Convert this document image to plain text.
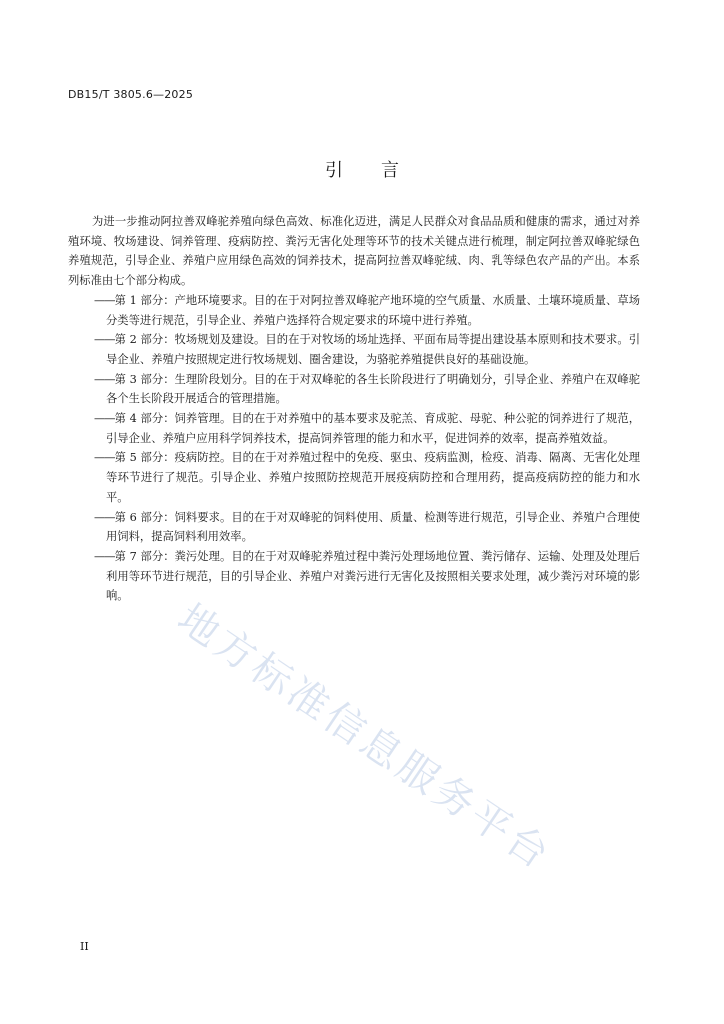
DB15/T 3805.6—2025
引言

为进一步推动阿拉善双峰驼养殖向绿色高效、标准化迈进，满足人民群众对食品品质和健康的需求，通过对养殖环境、牧场建设、饲养管理、疫病防控、粪污无害化处理等环节的技术关键点进行梳理，制定阿拉善双峰驼绿色养殖规范，引导企业、养殖户应用绿色高效的饲养技术，提高阿拉善双峰驼绒、肉、乳等绿色农产品的产出。本系列标准由七个部分构成。

——第 1 部分：产地环境要求。目的在于对阿拉善双峰驼产地环境的空气质量、水质量、土壤环境质量、草场分类等进行规范，引导企业、养殖户选择符合规定要求的环境中进行养殖。

——第 2 部分：牧场规划及建设。目的在于对牧场的场址选择、平面布局等提出建设基本原则和技术要求。引导企业、养殖户按照规定进行牧场规划、圈舍建设，为骆驼养殖提供良好的基础设施。

——第 3 部分：生理阶段划分。目的在于对双峰驼的各生长阶段进行了明确划分，引导企业、养殖户在双峰驼各个生长阶段开展适合的管理措施。

——第 4 部分：饲养管理。目的在于对养殖中的基本要求及驼羔、育成驼、母驼、种公驼的饲养进行了规范，引导企业、养殖户应用科学饲养技术，提高饲养管理的能力和水平，促进饲养的效率，提高养殖效益。

——第 5 部分：疫病防控。目的在于对养殖过程中的免疫、驱虫、疫病监测，检疫、消毒、隔离、无害化处理等环节进行了规范。引导企业、养殖户按照防控规范开展疫病防控和合理用药，提高疫病防控的能力和水平。

——第 6 部分：饲料要求。目的在于对双峰驼的饲料使用、质量、检测等进行规范，引导企业、养殖户合理使用饲料，提高饲料利用效率。

——第 7 部分：粪污处理。目的在于对双峰驼养殖过程中粪污处理场地位置、粪污储存、运输、处理及处理后利用等环节进行规范，目的引导企业、养殖户对粪污进行无害化及按照相关要求处理，减少粪污对环境的影响。	地方标准信息服务平台
II
